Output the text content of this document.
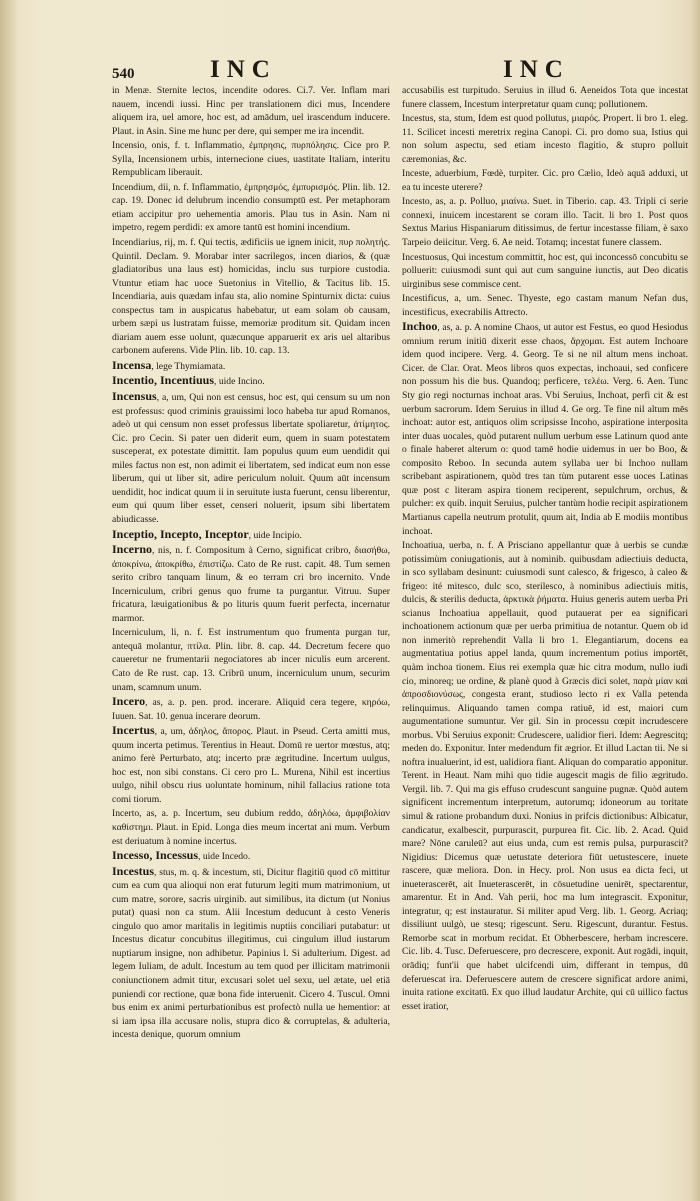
540	INC	INC

in Menæ. Sternite lectos, incendite odores. Ci.7. Ver. Inflam mari nauem, incendi iussi. Hinc per translationem dici mus, Incendere aliquem ira, uel amore, hoc est, ad amādum, uel irascendum inducere. Plaut. in Asin. Sine me hunc per dere, qui semper me ira incendit.

Incensio, onis, f. t. Inflammatio, ἐμπρησις, πυρπόλησις. Cice pro P. Sylla, Incensionem urbis, internecione ciues, uastitate Italiam, interitu Rempublicam liberauit.

Incendium, dii, n. f. Inflammatio, ἐμπρησμός, ἐμπυρισμός. Plin. lib. 12. cap. 19. Donec id delubrum incendio consumptū est. Per metaphoram etiam accipitur pro uehementia amoris. Plau tus in Asin. Nam ni impetro, regem perdidi: ex amore tantū est homini incendium.

Incendiarius, rij, m. f. Qui tectis, ædificiis ue ignem inicit, πυρ πολητής. Quintil. Declam. 9. Morabar inter sacrilegos, incen diarios, & (quæ gladiatoribus una laus est) homicidas, inclu sus turpiore custodia. Vtuntur etiam hac uoce Suetonius in Vitellio, & Tacitus lib. 15. Incendiaria, auis quædam infau sta, alio nomine Spinturnix dicta: cuius conspectus tam in auspicatus habebatur, ut eam solam ob causam, urbem sæpi us lustratam fuisse, memoriæ proditum sit. Quidam incen diariam auem esse uolunt, quæcunque apparuerit ex aris uel altaribus carbonem auferens. Vide Plin. lib. 10. cap. 13.

Incensa, lege Thymiamata.

Incentio, Incentiuus, uide Incino.

Incensus, a, um, Qui non est census, hoc est, qui censum su um non est professus: quod criminis grauissimi loco habeba tur apud Romanos, adeò ut qui censum non esset professus libertate spoliaretur, ἀτίμητος. Cic. pro Cecin. Si pater uen diderit eum, quem in suam potestatem susceperat, ex potestate dimittit. Iam populus quum eum uendidit qui miles factus non est, non adimit ei libertatem, sed indicat eum non esse liberum, qui ut liber sit, adire periculum noluit. Quum aūt incensum uendidit, hoc indicat quum ii in seruitute iusta fuerunt, censu liberentur, eum qui quum liber esset, censeri noluerit, ipsum sibi libertatem abiudicasse.

Inceptio, Incepto, Inceptor, uide Incipio.

Incerno, nis, n. f. Compositum à Cerno, significat cribro, διασήθω, ἀποκρίνω, ἀποκρίθω, ἐπιστίζω. Cato de Re rust. capit. 48. Tum semen serito cribro tanquam linum, & eo terram cri bro incernito. Vnde Incerniculum, cribri genus quo frume ta purgantur. Vitruu. Super fricatura, læuigationibus & po lituris quum fuerit perfecta, incernatur marmor.

Incerniculum, li, n. f. Est instrumentum quo frumenta purgan tur, antequā molantur, πτίλα. Plin. libr. 8. cap. 44. Decretum fecere quo caueretur ne frumentarii negociatores ab incer niculis eum arcerent. Cato de Re rust. cap. 13. Cribrū unum, incerniculum unum, securim unam, scamnum unum.

Incero, as, a. p. pen. prod. incerare. Aliquid cera tegere, κηρόω, Iuuen. Sat. 10. genua incerare deorum.

Incertus, a, um, ἀδηλος, ἄπορος. Plaut. in Pseud. Certa amitti mus, quum incerta petimus. Terentius in Heaut. Domū re uertor mœstus, atq; animo ferè Perturbato, atq; incerto præ ægritudine. Incertum uulgus, hoc est, non sibi constans. Ci cero pro L. Murena, Nihil est incertius uulgo, nihil obscu rius uoluntate hominum, nihil fallacius ratione tota comi tiorum.

Incerto, as, a. p. Incertum, seu dubium reddo, ἀδηλόω, ἀμφιβολίαν καθίστημι. Plaut. in Epid. Longa dies meum incertat ani mum. Verbum est deriuatum à nomine incertus.

Incesso, Incessus, uide Incedo.

Incestus, stus, m. q. & incestum, sti, Dicitur flagitiū quod cō mittitur cum ea cum qua alioqui non erat futurum legiti mum matrimonium, ut cum matre, sorore, sacris uirginib. aut similibus, ita dictum (ut Nonius putat) quasi non ca stum. Alii Incestum deducunt à cesto Veneris cingulo quo amor maritalis in legitimis nuptiis conciliari putabatur: ut Incestus dicatur concubitus illegitimus, cui cingulum illud iustarum nuptiarum insigne, non adhibetur. Papinius l. Si adulterium. Digest. ad legem Iuliam, de adult. Incestum au tem quod per illicitam matrimonii coniunctionem admit titur, excusari solet uel sexu, uel ætate, uel etiā puniendi cor rectione, quæ bona fide interuenit. Cicero 4. Tuscul. Omni bus enim ex animi perturbationibus est profectò nulla ue hementior: at si iam ipsa illa accusare nolis, stupra dico & corruptelas, & adulteria, incesta denique, quorum omnium

accusabilis est turpitudo. Seruius in illud 6. Aeneidos Tota que incestat funere classem, Incestum interpretatur quam cunq; pollutionem.

Incestus, sta, stum, Idem est quod pollutus, μιαρός. Propert. li bro 1. eleg. 11. Scilicet incesti meretrix regina Canopi. Ci. pro domo sua, Istius qui non solum aspectu, sed etiam incesto flagitio, & stupro polluit cæremonias, &c.

Inceste, aduerbium, Fœdè, turpiter. Cic. pro Cælio, Ideò aquā adduxi, ut ea tu inceste uterere?

Incesto, as, a. p. Polluo, μιαίνω. Suet. in Tiberio. cap. 43. Tripli ci serie connexi, inuicem incestarent se coram illo. Tacit. li bro 1. Post quos Sextus Marius Hispaniarum ditissimus, de fertur incestasse filiam, è saxo Tarpeio deiicitur. Verg. 6. Ae neid. Totamq; incestat funere classem.

Incestuosus, Qui incestum committit, hoc est, qui inconcessō concubitu se polluerit: cuiusmodi sunt qui aut cum sanguine iunctis, aut Deo dicatis uirginibus sese commisce cent.

Incestificus, a, um. Senec. Thyeste, ego castam manum Nefan dus, incestificus, execrabilis Attrecto.

Inchoo, as, a. p. A nomine Chaos, ut autor est Festus, eo quod Hesiodus omnium rerum initiū dixerit esse chaos, ἄρχομαι. Est autem Inchoare idem quod incipere. Verg. 4. Georg. Te si ne nil altum mens inchoat. Cicer. de Clar. Orat. Meos libros quos expectas, inchoaui, sed conficere non possum his die bus. Quandoq; perficere, τελέω. Verg. 6. Aen. Tunc Sty gio regi nocturnas inchoat aras. Vbi Seruius, Inchoat, perfi cit & est uerbum sacrorum. Idem Seruius in illud 4. Ge org. Te fine nil altum mēs inchoat: autor est, antiquos olim scripsisse Incoho, aspiratione interposita inter duas uocales, quòd putarent nullum uerbum esse Latinum quod ante o finale haberet alterum o: quod tamē hodie uidemus in uer bo Boo, & composito Reboo. In secunda autem syllaba uer bi Inchoo nullam scribebant aspirationem, quòd tres tan tùm putarent esse uoces Latinas quæ post c literam aspira tionem reciperent, sepulchrum, orchus, & pulcher: ex quib. inquit Seruius, pulcher tantùm hodie recipit aspirationem Martianus capella neutrum protulit, quum ait, India ab E modiis montibus inchoat.

Inchoatiua, uerba, n. f. A Prisciano appellantur quæ à uerbis se cundæ potissimùm coniugationis, aut à nominib. quibusdam adiectiuis deducta, in sco syllabam desinunt: cuiusmodi sunt calesco, & frigesco, à caleo & frigeo: ité mitesco, dulc sco, sterilesco, à nominibus adiectiuis mitis, dulcis, & sterilis deducta, ἀρκτικὰ ῥήματα. Huius generis autem uerba Pri scianus Inchoatiua appellauit, quod putauerat per ea significari inchoationem actionum quæ per uerba primitiua de notantur. Quem ob id non inmeritò reprehendit Valla li bro 1. Elegantiarum, docens ea augmentatiua potius appel landa, quum incrementum potius importēt, quàm inchoa tionem. Eius rei exempla quæ hic citra modum, nullo iudi cio, minoreq; ue ordine, & planè quod à Græcis dici solet, παρὰ μίαν καὶ ἀπροσδιονύσως, congesta erant, studioso lecto ri ex Valla petenda relinquimus. Aliquando tamen compa ratiuē, id est, maiori cum augumentatione sumuntur. Ver gil. Sin in processu cœpit incrudescere morbus. Vbi Seruius exponit: Crudescere, ualidior fieri. Idem: Aegrescitq; meden do. Exponitur. Inter medendum fit ægrior. Et illud Lactan tii. Ne si noftra inualuerint, id est, ualidiora fiant. Aliquan do comparatio apponitur. Terent. in Heaut. Nam mihi quo tidie augescit magis de filio ægritudo. Vergil. lib. 7. Qui ma gis effuso crudescunt sanguine pugnæ. Quòd autem significent incrementum interpretum, autorumq; idoneorum au toritate simul & ratione probandum duxi. Nonius in prifcis dictionibus: Albicatur, candicatur, exalbescit, purpurascit, purpurea fit. Cic. lib. 2. Acad. Quid mare? Nōne caruleū? aut eius unda, cum est remis pulsa, purpurascit? Nigidius: Dicemus quæ uetustate deteriora fiūt uetustescere, inuete rascere, quæ meliora. Don. in Hecy. prol. Non usus ea dicta feci, ut inueterascerēt, ait Inueterascerēt, in cōsuetudine uenirēt, spectarentur, amarentur. Et in And. Vah perii, hoc ma lum integrascit. Exponitur, integratur, q; est instauratur. Si militer apud Verg. lib. 1. Georg. Acriaq; dissiliunt uulgò, ue stesq; rigescunt. Seru. Rigescunt, durantur. Festus. Remorbe scat in morbum recidat. Et Obherbescere, herbam increscere. Cic. lib. 4. Tusc. Deferuescere, pro decrescere, exponit. Aut rogādi, inquit, orādiq; funt'ii que habet ulcifcendi uim, differant in tempus, dū deferuescat ira. Deferuescere autem de crescere significat ardore animi, inuita ratione excitatū. Ex quo illud laudatur Archite, qui cū uillico factus esset iratior,
